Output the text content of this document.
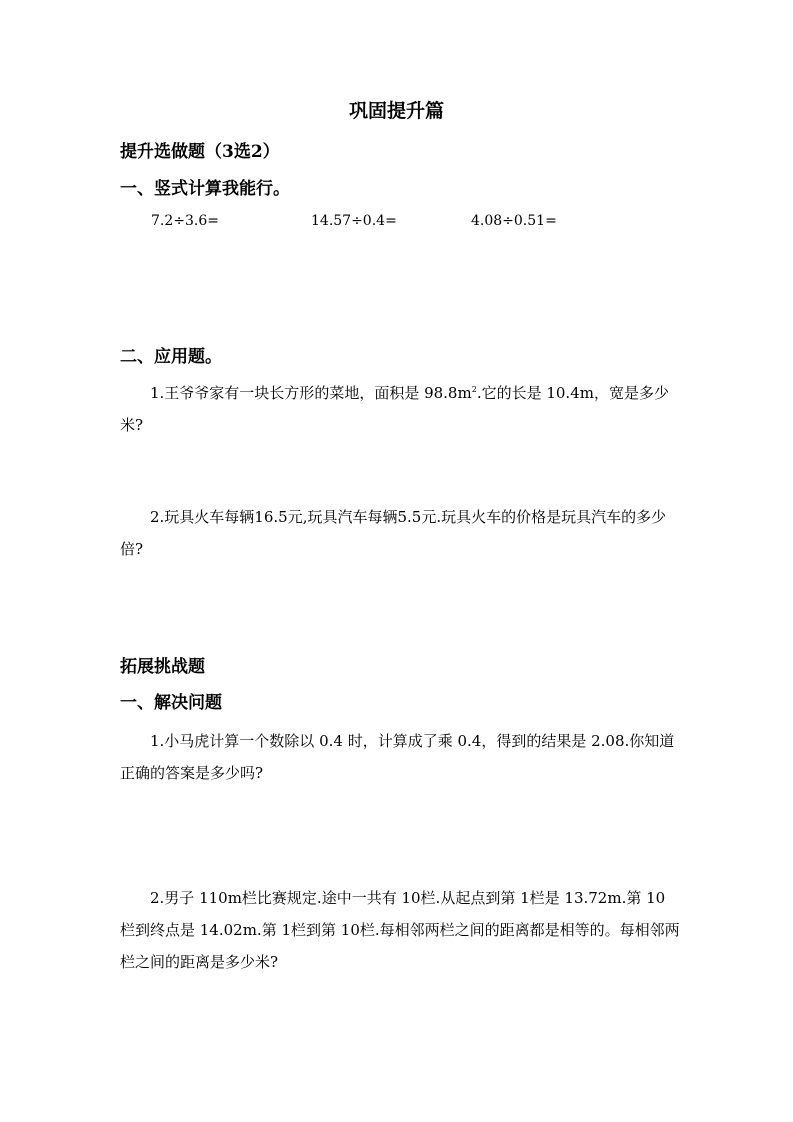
巩固提升篇
提升选做题（3选2）
一、竖式计算我能行。
7.2÷3.6=	14.57÷0.4=	4.08÷0.51=
二、应用题。
1.王爷爷家有一块长方形的菜地，面积是 $98.8m^2$.它的长是 10.4m，宽是多少米?
2.玩具火车每辆16.5元,玩具汽车每辆5.5元.玩具火车的价格是玩具汽车的多少倍?
拓展挑战题
一、解决问题
1.小马虎计算一个数除以 0.4 时，计算成了乘 0.4，得到的结果是 2.08.你知道正确的答案是多少吗?
2.男子 110m栏比赛规定.途中一共有 10栏.从起点到第 1栏是 13.72m.第 10栏到终点是 14.02m.第 1栏到第 10栏.每相邻两栏之间的距离都是相等的。每相邻两栏之间的距离是多少米?
